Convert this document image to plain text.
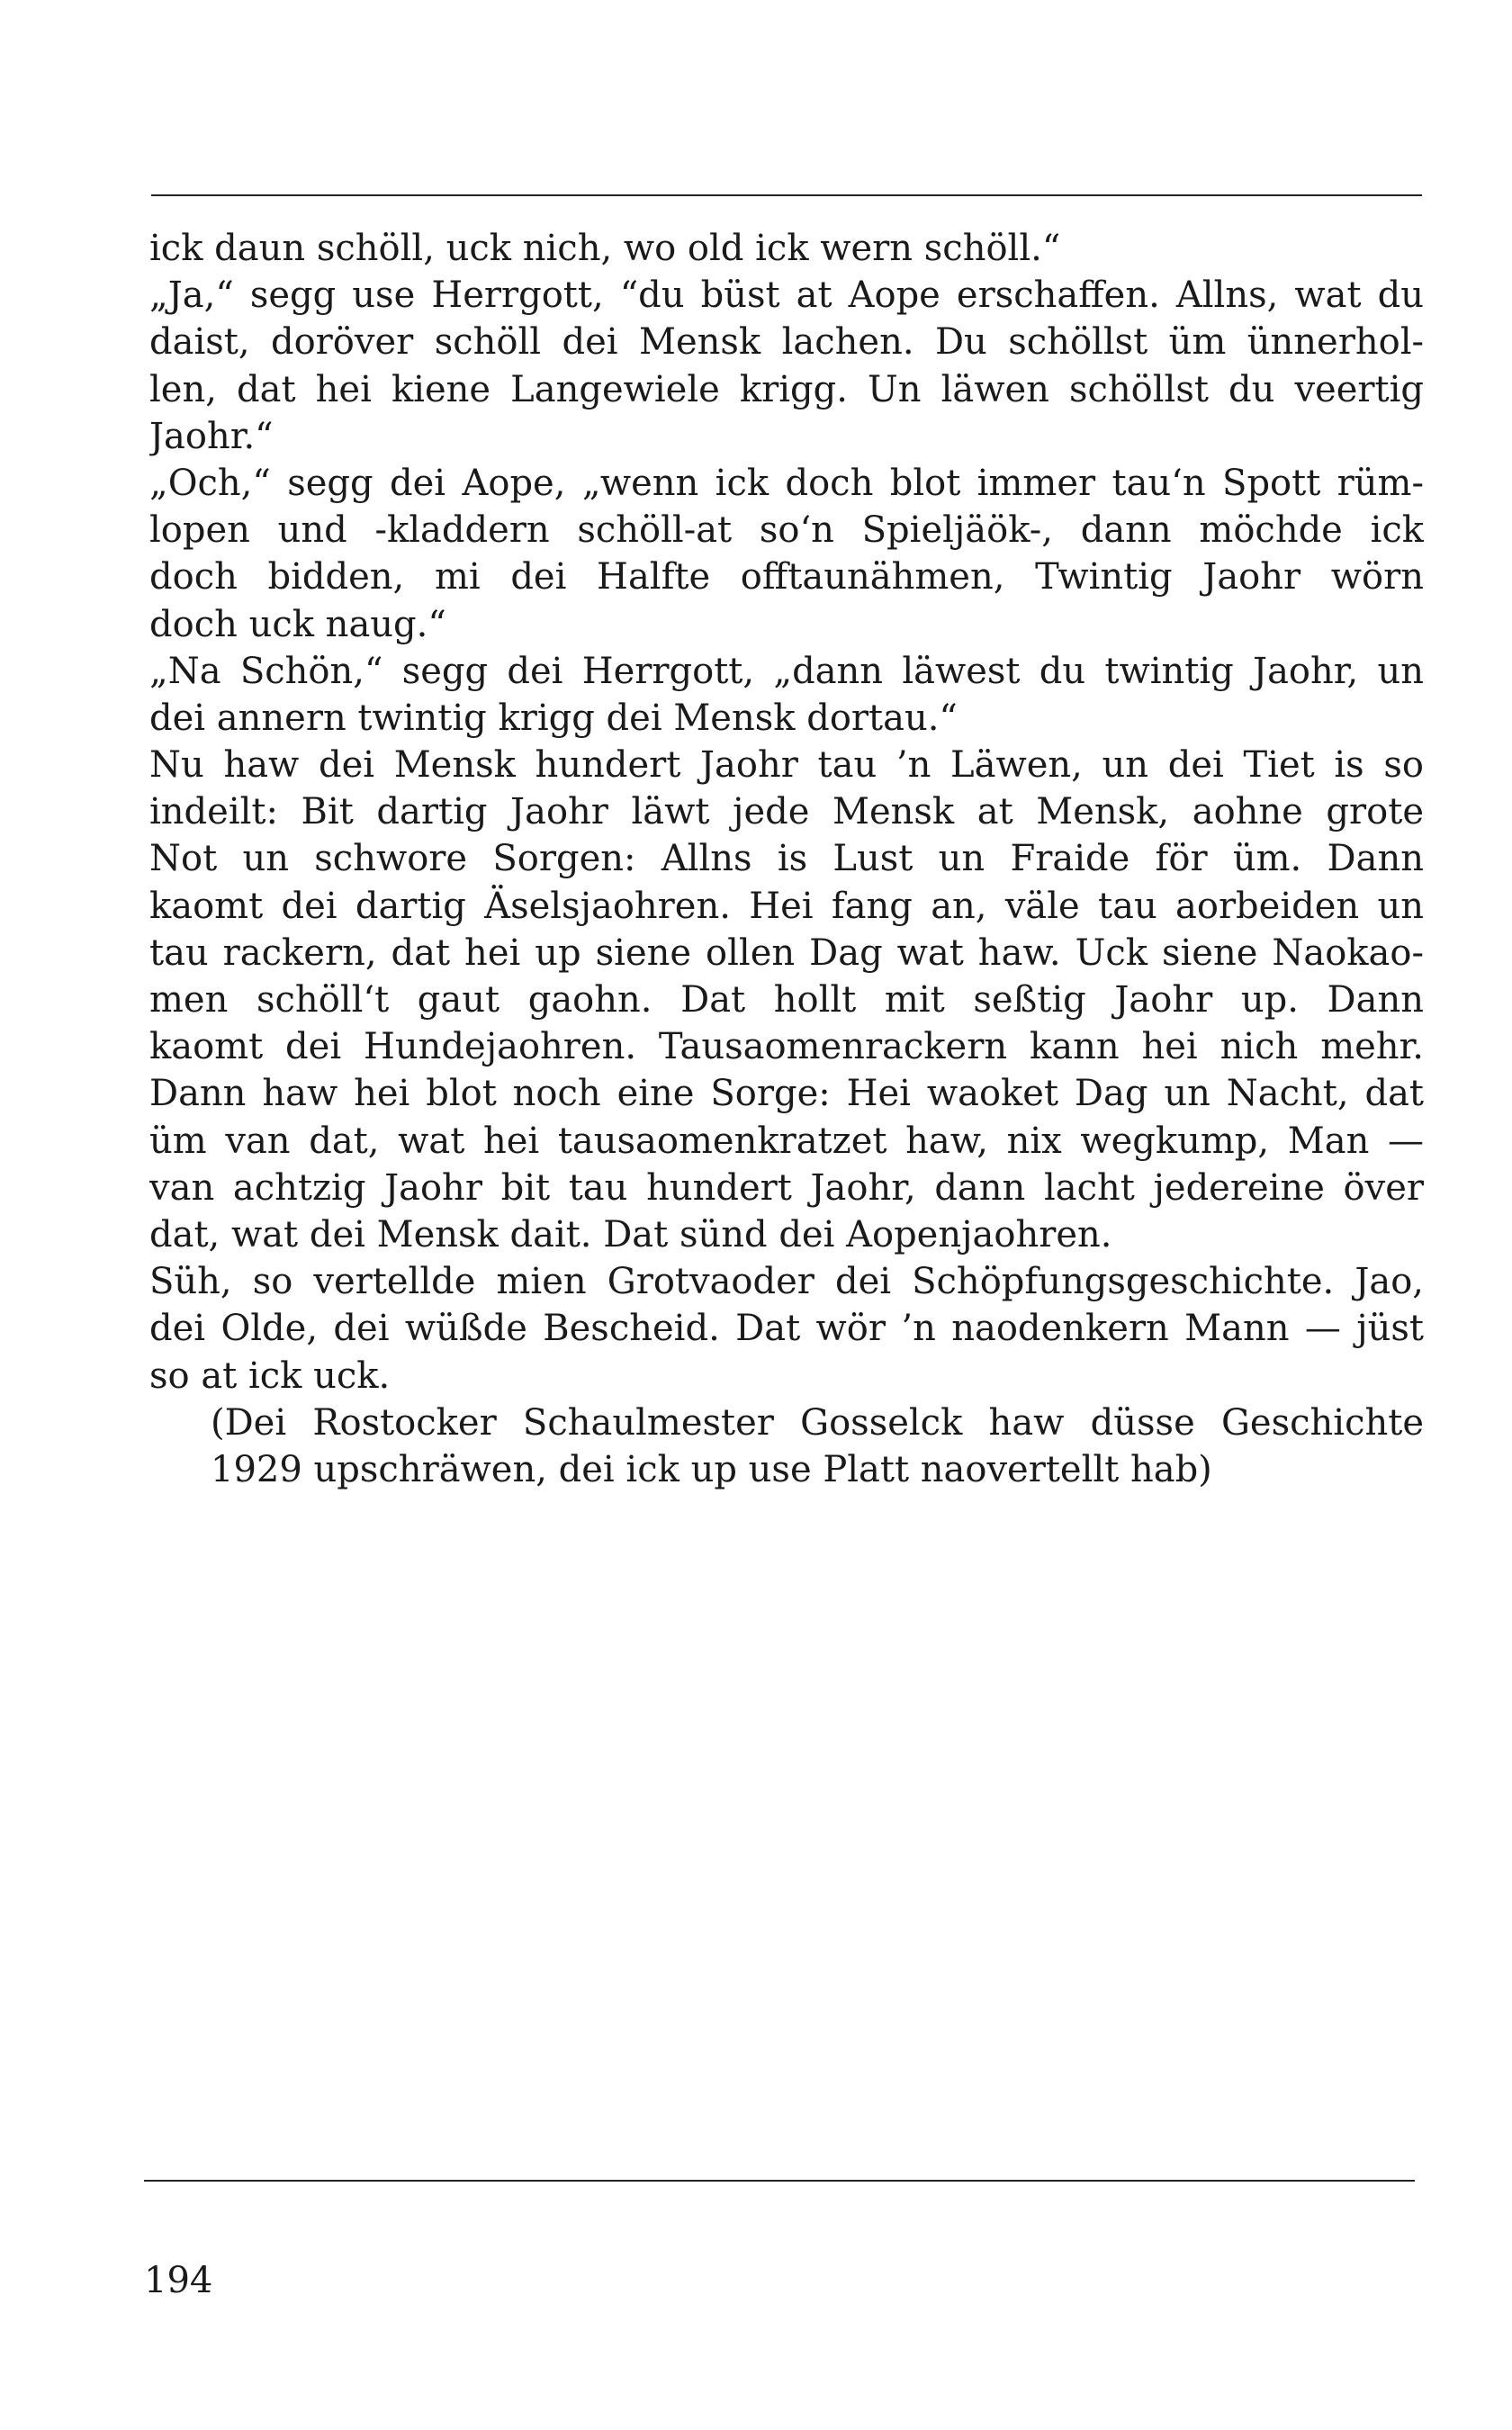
ick daun schöll, uck nich, wo old ick wern schöll.“
„Ja,“ segg use Herrgott, “du büst at Aope erschaffen. Allns, wat du
daist, doröver schöll dei Mensk lachen. Du schöllst üm ünnerhol-
len, dat hei kiene Langewiele krigg. Un läwen schöllst du veertig
Jaohr.“
„Och,“ segg dei Aope, „wenn ick doch blot immer tau‘n Spott rüm-
lopen und -kladdern schöll-at so‘n Spieljäök-, dann möchde ick
doch bidden, mi dei Halfte offtaunähmen, Twintig Jaohr wörn
doch uck naug.“
„Na Schön,“ segg dei Herrgott, „dann läwest du twintig Jaohr, un
dei annern twintig krigg dei Mensk dortau.“
Nu haw dei Mensk hundert Jaohr tau ’n Läwen, un dei Tiet is so
indeilt: Bit dartig Jaohr läwt jede Mensk at Mensk, aohne grote
Not un schwore Sorgen: Allns is Lust un Fraide för üm. Dann
kaomt dei dartig Äselsjaohren. Hei fang an, väle tau aorbeiden un
tau rackern, dat hei up siene ollen Dag wat haw. Uck siene Naokao-
men schöll‘t gaut gaohn. Dat hollt mit seßtig Jaohr up. Dann
kaomt dei Hundejaohren. Tausaomenrackern kann hei nich mehr.
Dann haw hei blot noch eine Sorge: Hei waoket Dag un Nacht, dat
üm van dat, wat hei tausaomenkratzet haw, nix wegkump, Man —
van achtzig Jaohr bit tau hundert Jaohr, dann lacht jedereine över
dat, wat dei Mensk dait. Dat sünd dei Aopenjaohren.
Süh, so vertellde mien Grotvaoder dei Schöpfungsgeschichte. Jao,
dei Olde, dei wüßde Bescheid. Dat wör ’n naodenkern Mann — jüst
so at ick uck.
(Dei Rostocker Schaulmester Gosselck haw düsse Geschichte
1929 upschräwen, dei ick up use Platt naovertellt hab)
194
